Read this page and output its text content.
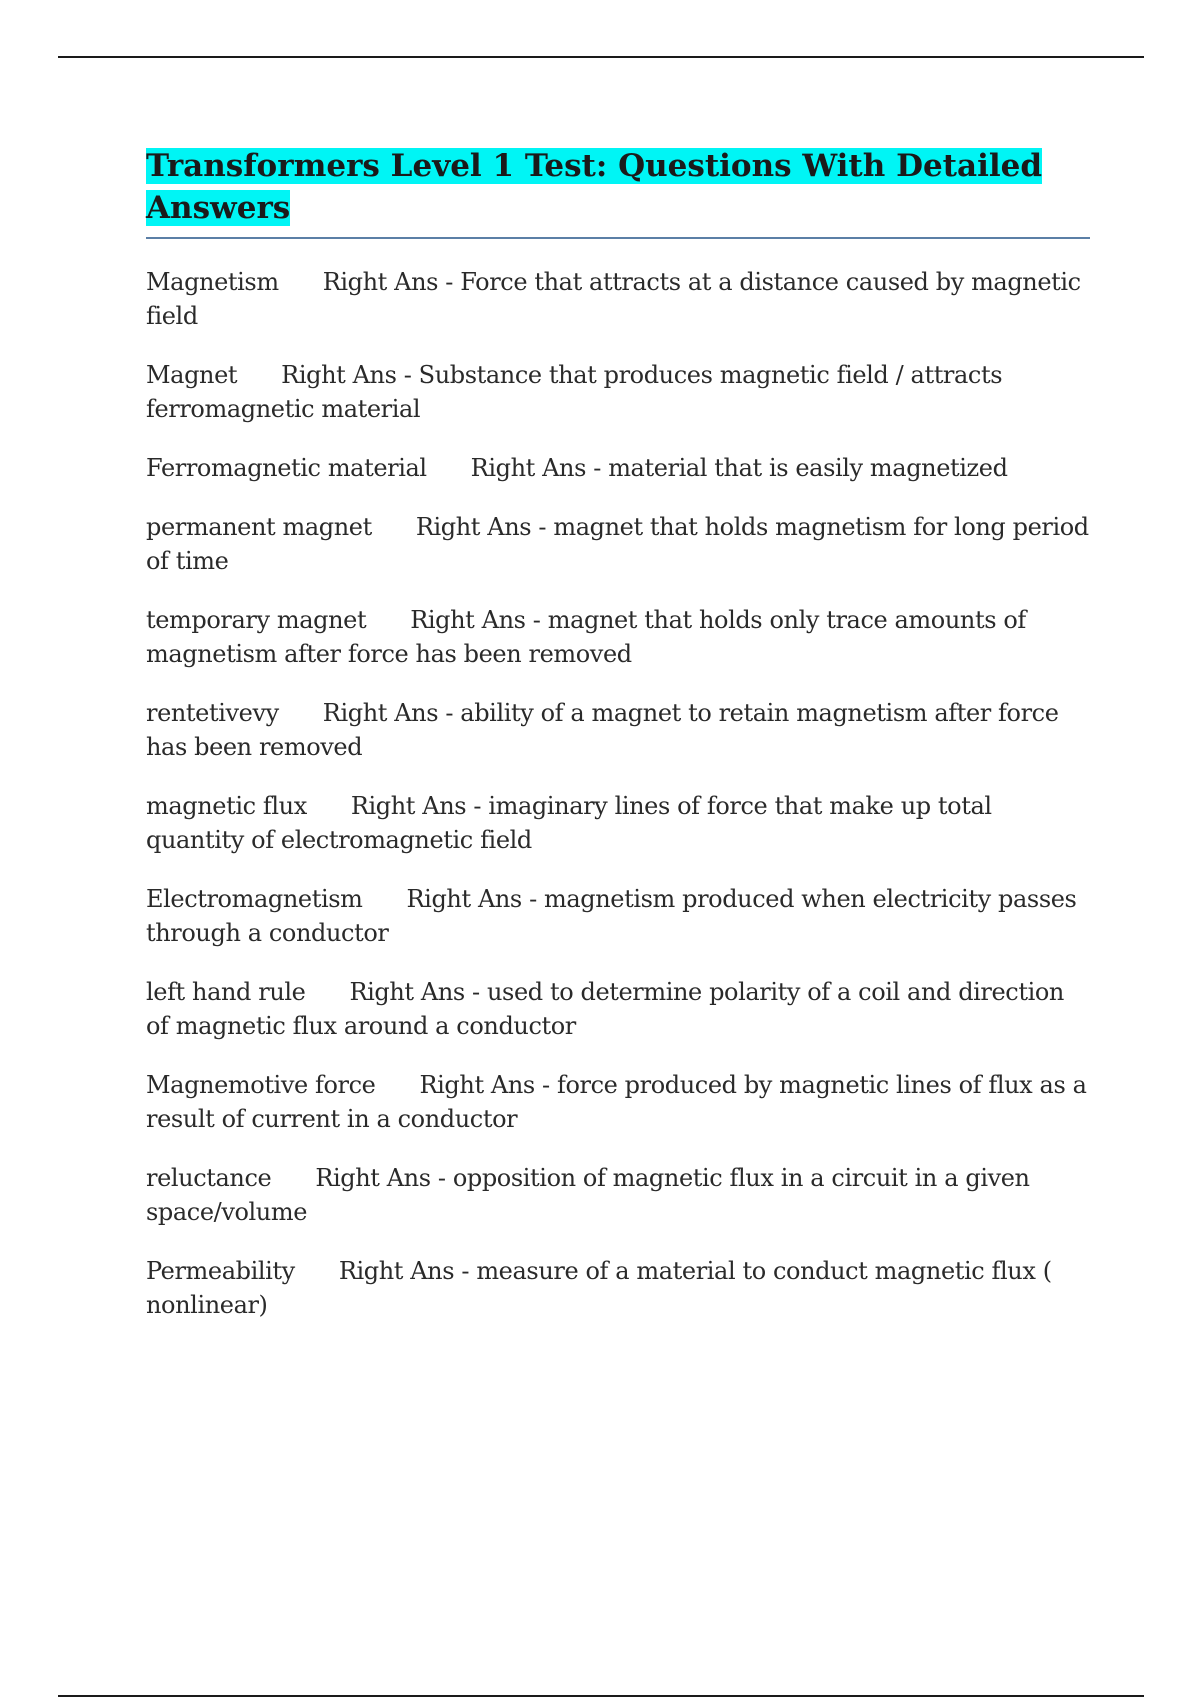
Transformers Level 1 Test: Questions With Detailed Answers
Magnetism Right Ans - Force that attracts at a distance caused by magnetic field
Magnet Right Ans - Substance that produces magnetic field / attracts ferromagnetic material
Ferromagnetic material Right Ans - material that is easily magnetized
permanent magnet Right Ans - magnet that holds magnetism for long period of time
temporary magnet Right Ans - magnet that holds only trace amounts of magnetism after force has been removed
rentetivevy Right Ans - ability of a magnet to retain magnetism after force has been removed
magnetic flux Right Ans - imaginary lines of force that make up total quantity of electromagnetic field
Electromagnetism Right Ans - magnetism produced when electricity passes through a conductor
left hand rule Right Ans - used to determine polarity of a coil and direction of magnetic flux around a conductor
Magnemotive force Right Ans - force produced by magnetic lines of flux as a result of current in a conductor
reluctance Right Ans - opposition of magnetic flux in a circuit in a given space/volume
Permeability Right Ans - measure of a material to conduct magnetic flux ( nonlinear)
